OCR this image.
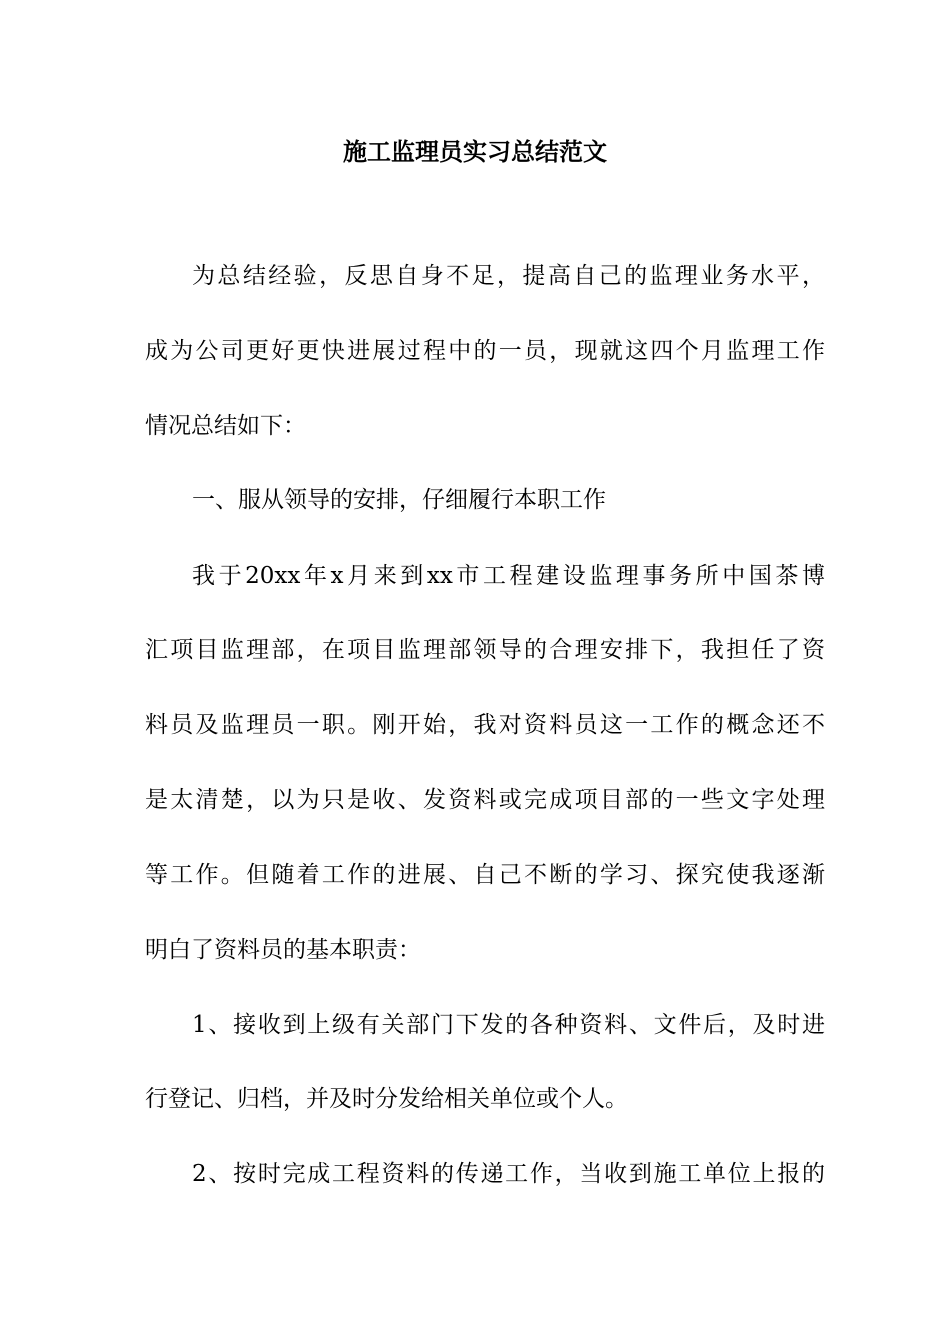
施工监理员实习总结范文

为总结经验，反思自身不足，提高自己的监理业务水平，

成为公司更好更快进展过程中的一员，现就这四个月监理工作

情况总结如下：

一、服从领导的安排，仔细履行本职工作

我于20xx年x月来到xx市工程建设监理事务所中国茶博

汇项目监理部，在项目监理部领导的合理安排下，我担任了资

料员及监理员一职。刚开始，我对资料员这一工作的概念还不

是太清楚，以为只是收、发资料或完成项目部的一些文字处理

等工作。但随着工作的进展、自己不断的学习、探究使我逐渐

明白了资料员的基本职责：

1、接收到上级有关部门下发的各种资料、文件后，及时进

行登记、归档，并及时分发给相关单位或个人。

2、按时完成工程资料的传递工作，当收到施工单位上报的
